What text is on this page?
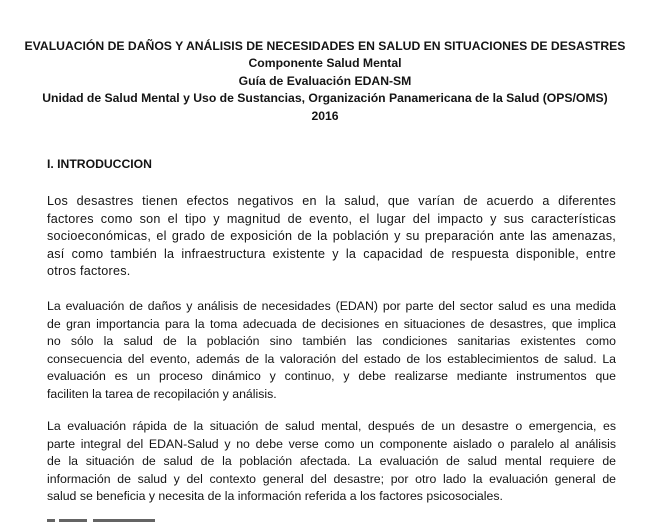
EVALUACIÓN DE DAÑOS Y ANÁLISIS DE NECESIDADES EN SALUD EN SITUACIONES DE DESASTRES
Componente Salud Mental
Guía de Evaluación EDAN-SM
Unidad de Salud Mental y Uso de Sustancias, Organización Panamericana de la Salud (OPS/OMS)
2016
I. INTRODUCCION
Los desastres tienen efectos negativos en la salud, que varían de acuerdo a diferentes
factores como son el tipo y magnitud de evento, el lugar del impacto y sus características
socioeconómicas, el grado de exposición de la población y su preparación ante las amenazas,
así como también la infraestructura existente y la capacidad de respuesta disponible, entre
otros factores.
La evaluación de daños y análisis de necesidades (EDAN) por parte del sector salud es una medida
de gran importancia para la toma adecuada de decisiones en situaciones de desastres, que implica
no sólo la salud de la población sino también las condiciones sanitarias existentes como
consecuencia del evento, además de la valoración del estado de los establecimientos de salud. La
evaluación es un proceso dinámico y continuo, y debe realizarse mediante instrumentos que
faciliten la tarea de recopilación y análisis.
La evaluación rápida de la situación de salud mental, después de un desastre o emergencia, es
parte integral del EDAN-Salud y no debe verse como un componente aislado o paralelo al análisis
de la situación de salud de la población afectada. La evaluación de salud mental requiere de
información de salud y del contexto general del desastre; por otro lado la evaluación general de
salud se beneficia y necesita de la información referida a los factores psicosociales.
